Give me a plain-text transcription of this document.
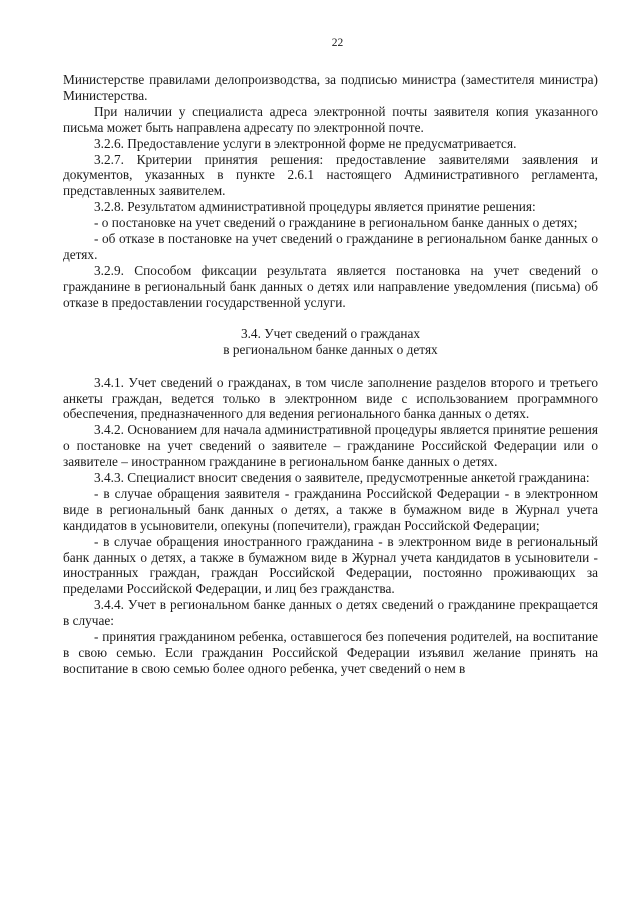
22

Министерстве правилами делопроизводства, за подписью министра (заместителя министра) Министерства.

При наличии у специалиста адреса электронной почты заявителя копия указанного письма может быть направлена адресату по электронной почте.

3.2.6. Предоставление услуги в электронной форме не предусматривается.

3.2.7. Критерии принятия решения: предоставление заявителями заявления и документов, указанных в пункте 2.6.1 настоящего Административного регламента, представленных заявителем.

3.2.8. Результатом административной процедуры является принятие решения:

- о постановке на учет сведений о гражданине в региональном банке данных о детях;

- об отказе в постановке на учет сведений о гражданине в региональном банке данных о детях.

3.2.9. Способом фиксации результата является постановка на учет сведений о гражданине в региональный банк данных о детях или направление уведомления (письма) об отказе в предоставлении государственной услуги.

3.4. Учет сведений о гражданах
в региональном банке данных о детях

3.4.1. Учет сведений о гражданах, в том числе заполнение разделов второго и третьего анкеты граждан, ведется только в электронном виде с использованием программного обеспечения, предназначенного для ведения регионального банка данных о детях.

3.4.2. Основанием для начала административной процедуры является принятие решения о постановке на учет сведений о заявителе – гражданине Российской Федерации или о заявителе – иностранном гражданине в региональном банке данных о детях.

3.4.3. Специалист вносит сведения о заявителе, предусмотренные анкетой гражданина:

- в случае обращения заявителя - гражданина Российской Федерации - в электронном виде в региональный банк данных о детях, а также в бумажном виде в Журнал учета кандидатов в усыновители, опекуны (попечители), граждан Российской Федерации;

- в случае обращения иностранного гражданина - в электронном виде в региональный банк данных о детях, а также в бумажном виде в Журнал учета кандидатов в усыновители - иностранных граждан, граждан Российской Федерации, постоянно проживающих за пределами Российской Федерации, и лиц без гражданства.

3.4.4. Учет в региональном банке данных о детях сведений о гражданине прекращается в случае:

- принятия гражданином ребенка, оставшегося без попечения родителей, на воспитание в свою семью. Если гражданин Российской Федерации изъявил желание принять на воспитание в свою семью более одного ребенка, учет сведений о нем в
